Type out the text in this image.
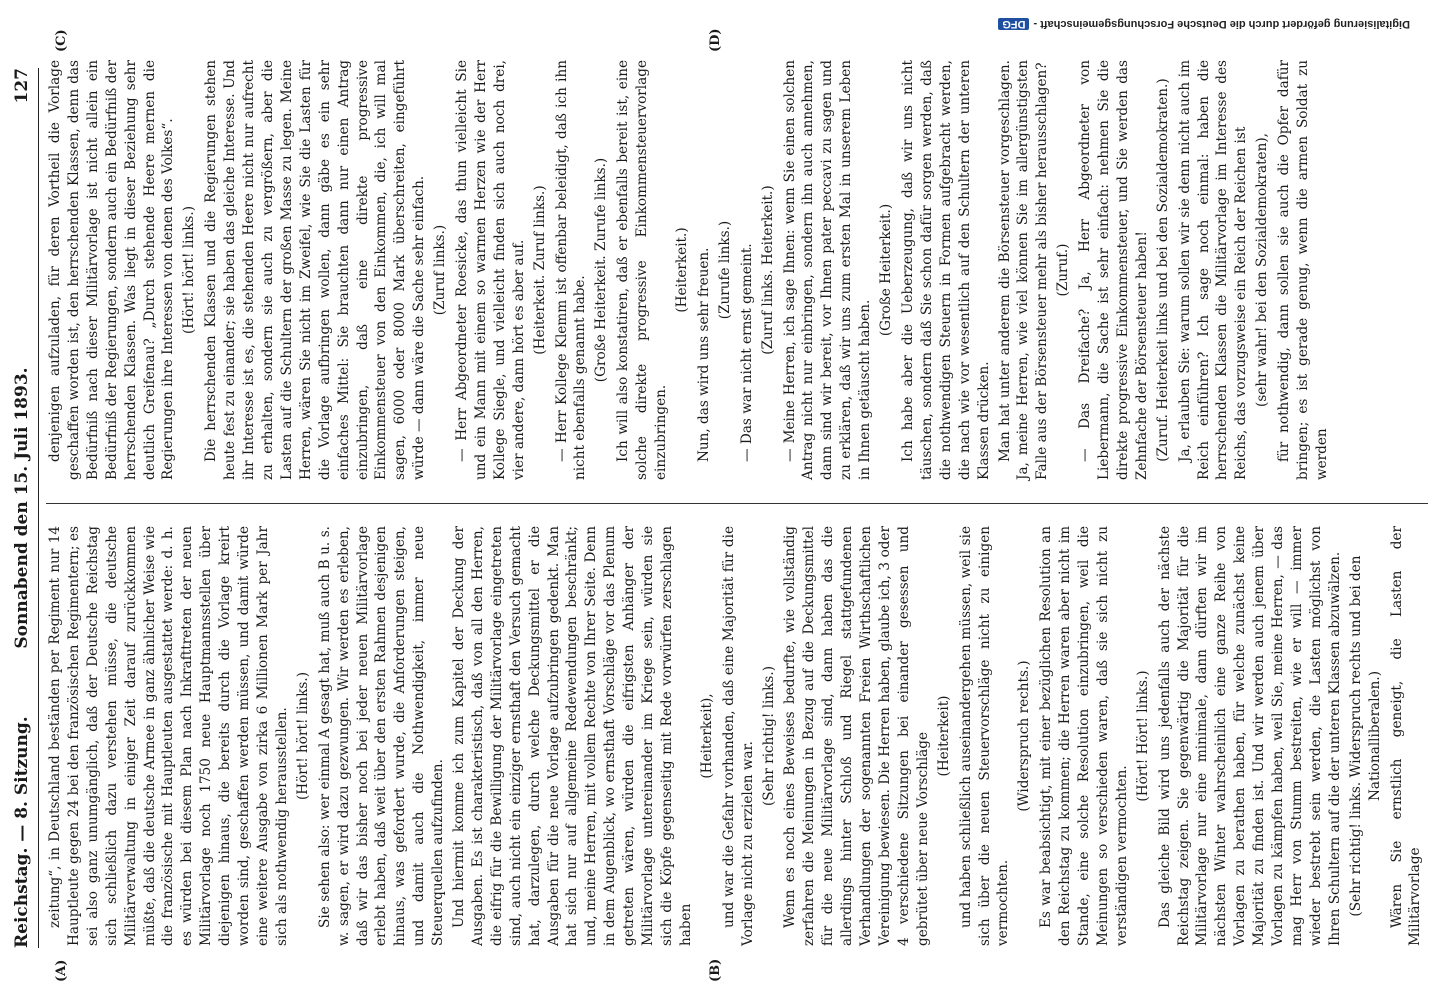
Reichstag. — 8. Sitzung.
Sonnabend den 15. Juli 1893.
127

zeitung“, in Deutschland beständen per Regiment nur 14 Hauptleute gegen 24 bei den französischen Regimentern; es sei also ganz unumgänglich, daß der Deutsche Reichstag sich schließlich dazu verstehen müsse, die deutsche Militärverwaltung in einiger Zeit darauf zurückkommen müßte, daß die deutsche Armee in ganz ähnlicher Weise wie die französische mit Hauptleuten ausgestattet werde: d. h. es würden bei diesem Plan nach Inkrafttreten der neuen Militärvorlage noch 1750 neue Hauptmannsstellen über diejenigen hinaus, die bereits durch die Vorlage kreirt worden sind, geschaffen werden müssen, und damit würde eine weitere Ausgabe von zirka 6 Millionen Mark per Jahr sich als nothwendig herausstellen. (Hört! hört! links.) Sie sehen also: wer einmal A gesagt hat, muß auch B u. s. w. sagen, er wird dazu gezwungen. Wir werden es erleben, daß wir das bisher noch bei jeder neuen Militärvorlage erlebt haben, daß weit über den ersten Rahmen desjenigen hinaus, was gefordert wurde, die Anforderungen steigen, und damit auch die Nothwendigkeit, immer neue Steuerquellen aufzufinden. Und hiermit komme ich zum Kapitel der Deckung der Ausgaben. Es ist charakteristisch, daß von all den Herren, die eifrig für die Bewilligung der Militärvorlage eingetreten sind, auch nicht ein einziger ernsthaft den Versuch gemacht hat, darzulegen, durch welche Deckungsmittel er die Ausgaben für die neue Vorlage aufzubringen gedenkt. Man hat sich nur auf allgemeine Redewendungen beschränkt; und, meine Herren, mit vollem Rechte von Ihrer Seite. Denn in dem Augenblick, wo ernsthaft Vorschläge vor das Plenum getreten wären, würden die eifrigsten Anhänger der Militärvorlage untereinander im Kriege sein, würden sie sich die Köpfe gegenseitig mit Rede vorwürfen zerschlagen haben

(Heiterkeit), und war die Gefahr vorhanden, daß eine Majorität für die Vorlage nicht zu erzielen war.

(Sehr richtig! links.) Wenn es noch eines Beweises bedurfte, wie vollständig zerfahren die Meinungen in Bezug auf die Deckungsmittel für die neue Militärvorlage sind, dann haben das die allerdings hinter Schloß und Riegel stattgefundenen Verhandlungen der sogenannten Freien Wirthschaftlichen Vereinigung bewiesen. Die Herren haben, glaube ich, 3 oder 4 verschiedene Sitzungen bei einander gesessen und gebrütet über neue Vorschläge (Heiterkeit) und haben schließlich auseinandergehen müssen, weil sie sich über die neuen Steuervorschläge nicht zu einigen vermochten.

(Widerspruch rechts.) Es war beabsichtigt, mit einer bezüglichen Resolution an den Reichstag zu kommen; die Herren waren aber nicht im Stande, eine solche Resolution einzubringen, weil die Meinungen so verschieden waren, daß sie sich nicht zu verständigen vermochten.

(Hört! Hört! links.) Das gleiche Bild wird uns jedenfalls auch der nächste Reichstag zeigen. Sie gegenwärtig die Majorität für die Militärvorlage nur eine minimale, dann dürften wir im nächsten Winter wahrscheinlich eine ganze Reihe von Vorlagen zu berathen haben, für welche zunächst keine Majorität zu finden ist. Und wir werden auch jenem über Vorlagen zu kämpfen haben, weil Sie, meine Herren, — das mag Herr von Stumm bestreiten, wie er will — immer wieder bestrebt sein werden, die Lasten möglichst von Ihren Schultern auf die der unteren Klassen abzuwälzen. (Sehr richtig! links. Widerspruch rechts und bei den Nationalliberalen.) Wären Sie ernstlich geneigt, die Lasten der Militärvorlage

denjenigen aufzuladen, für deren Vortheil die Vorlage geschaffen worden ist, den herrschenden Klassen, denn das Bedürfniß nach dieser Militärvorlage ist nicht allein ein Bedürfniß der Regierungen, sondern auch ein Bedürfniß der herrschenden Klassen. Was liegt in dieser Beziehung sehr deutlich Greifenau? „Durch stehende Heere mernen die Regierungen ihre Interessen von denen des Volkes“. (Hört! hört! links.) Die herrschenden Klassen und die Regierungen stehen heute fest zu einander; sie haben das gleiche Interesse. Und ihr Interesse ist es, die stehenden Heere nicht nur aufrecht zu erhalten, sondern sie auch zu vergrößern, aber die Lasten auf die Schultern der großen Masse zu legen. Meine Herren, wären Sie nicht im Zweifel, wie Sie die Lasten für die Vorlage aufbringen wollen, dann gäbe es ein sehr einfaches Mittel: Sie brauchten dann nur einen Antrag einzubringen, daß eine direkte progressive Einkommensteuer von den Einkommen, die, ich will mal sagen, 6000 oder 8000 Mark überschreiten, eingeführt würde — dann wäre die Sache sehr einfach. (Zuruf links.) — Herr Abgeordneter Roesicke, das thun vielleicht Sie und ein Mann mit einem so warmen Herzen wie der Herr Kollege Siegle, und vielleicht finden sich auch noch drei, vier andere, dann hört es aber auf. (Heiterkeit. Zuruf links.) — Herr Kollege Klemm ist offenbar beleidigt, daß ich ihn nicht ebenfalls genannt habe. (Große Heiterkeit. Zurufe links.) Ich will also konstatiren, daß er ebenfalls bereit ist, eine solche direkte progressive Einkommensteuervorlage einzubringen.

(Heiterkeit.) Nun, das wird uns sehr freuen. (Zurufe links.) — Das war nicht ernst gemeint. (Zuruf links. Heiterkeit.) — Meine Herren, ich sage Ihnen: wenn Sie einen solchen Antrag nicht nur einbringen, sondern ihn auch annehmen, dann sind wir bereit, vor Ihnen pater peccavi zu sagen und zu erklären, daß wir uns zum ersten Mal in unserem Leben in Ihnen getäuscht haben.

(Große Heiterkeit.) Ich habe aber die Ueberzeugung, daß wir uns nicht täuschen, sondern daß Sie schon dafür sorgen werden, daß die nothwendigen Steuern in Formen aufgebracht werden, die nach wie vor wesentlich auf den Schultern der unteren Klassen drücken. Man hat unter anderem die Börsensteuer vorgeschlagen. Ja, meine Herren, wie viel können Sie im allergünstigsten Falle aus der Börsensteuer mehr als bisher herausschlagen? (Zuruf.) — Das Dreifache? Ja, Herr Abgeordneter von Liebermann, die Sache ist sehr einfach: nehmen Sie die direkte progressive Einkommensteuer, und Sie werden das Zehnfache der Börsensteuer haben! (Zuruf. Heiterkeit links und bei den Sozialdemokraten.) Ja, erlauben Sie: warum sollen wir sie denn nicht auch im Reich einführen? Ich sage noch einmal: haben die herrschenden Klassen die Militärvorlage im Interesse des Reichs, das vorzugsweise ein Reich der Reichen ist (sehr wahr! bei den Sozialdemokraten), für nothwendig, dann sollen sie auch die Opfer dafür bringen; es ist gerade genug, wenn die armen Soldat zu werden

(A)	(B)
(C)	(D)
Digitalisierung gefördert durch die Deutsche Forschungsgemeinschaft -DFG
